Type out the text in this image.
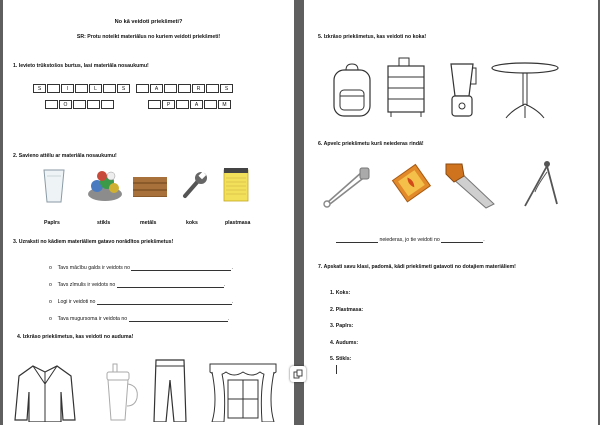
No kā veidoti priekšmeti?
SR: Protu noteikt materiālus no kuriem veidoti priekšmeti!
1. Ievieto trūkstošos burtus, lasi materiāla nosaukumu!
S	I	L	S	A	R	S
O	P	A	M
2. Savieno attēlu ar materiāla nosaukumu!
Papīrs	stikls	metāls	koks	plastmasa
3. Uzraksti no kādiem materiāliem gatavo norādītos priekšmetus!
o    Tavs mācību galds ir veidots no	.
o    Tavs zīmulis ir veidots no	.
o    Logi ir veidoti no	.
o    Tava mugursoma ir veidota no	.
4. Izkrāso priekšmetus, kas veidoti no auduma!
5. Izkrāso priekšmetus, kas veidoti no koka!
6. Apvelc priekšmetu kurš neiederas rindā!
neiederas, jo tie veidoti no	.
7. Apskati savu klasi, padomā, kādi priekšmeti gatavoti no dotajiem materiāliem!
1. Koks:
2. Plastmasa:
3. Papīrs:
4. Audums:
5. Stikls:
